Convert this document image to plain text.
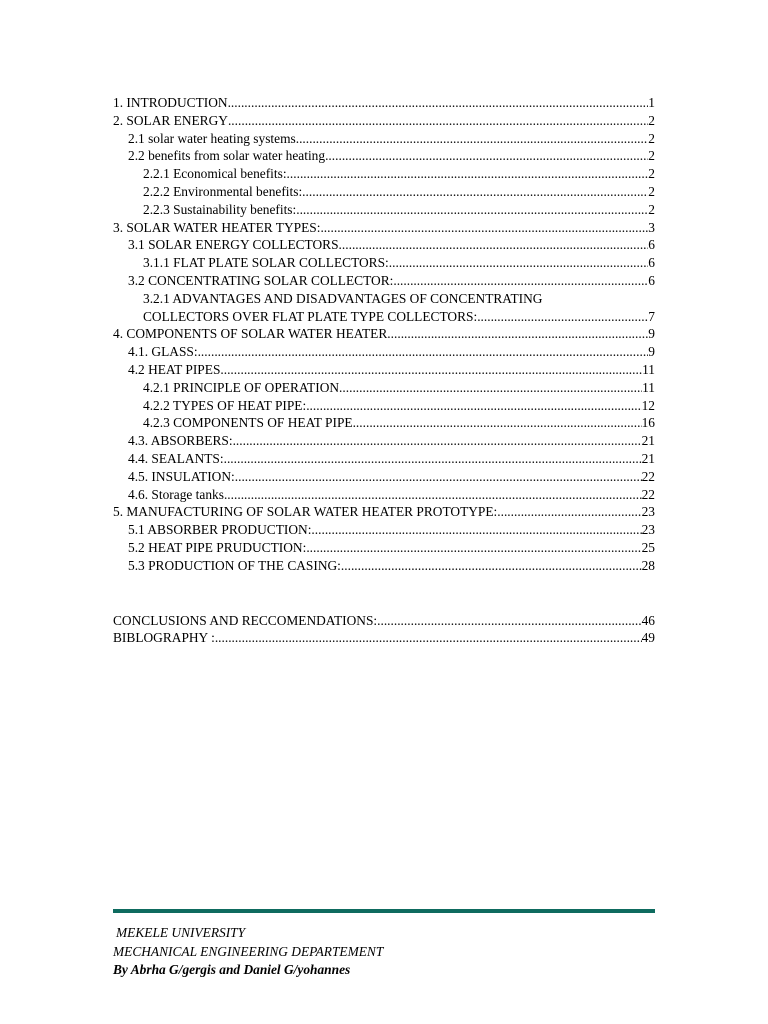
1. INTRODUCTION .....	1
2. SOLAR ENERGY .....	2
2.1 solar water heating systems .....	2
2.2 benefits from solar water heating .....	2
2.2.1 Economical benefits: .....	2
2.2.2 Environmental benefits: .....	2
2.2.3 Sustainability benefits: .....	2
3. SOLAR WATER HEATER TYPES: .....	3
3.1 SOLAR ENERGY COLLECTORS .....	6
3.1.1 FLAT PLATE SOLAR COLLECTORS: .....	6
3.2 CONCENTRATING SOLAR COLLECTOR: .....	6
3.2.1 ADVANTAGES AND DISADVANTAGES OF CONCENTRATING
COLLECTORS OVER FLAT PLATE TYPE COLLECTORS: .....	7
4. COMPONENTS OF SOLAR WATER HEATER .....	9
4.1. GLASS: .....	9
4.2 HEAT PIPES .....	11
4.2.1 PRINCIPLE OF OPERATION .....	11
4.2.2 TYPES OF HEAT PIPE: .....	12
4.2.3 COMPONENTS OF HEAT PIPE .....	16
4.3. ABSORBERS: .....	21
4.4. SEALANTS: .....	21
4.5. INSULATION: .....	22
4.6. Storage tanks .....	22
5. MANUFACTURING OF SOLAR WATER HEATER PROTOTYPE: .....	23
5.1 ABSORBER PRODUCTION: .....	23
5.2 HEAT PIPE PRUDUCTION: .....	25
5.3 PRODUCTION OF THE CASING: .....	28
CONCLUSIONS AND RECCOMENDATIONS: .....	46
BIBLOGRAPHY : .....	49
MEKELE UNIVERSITY
MECHANICAL ENGINEERING DEPARTEMENT
By Abrha G/gergis and Daniel G/yohannes
